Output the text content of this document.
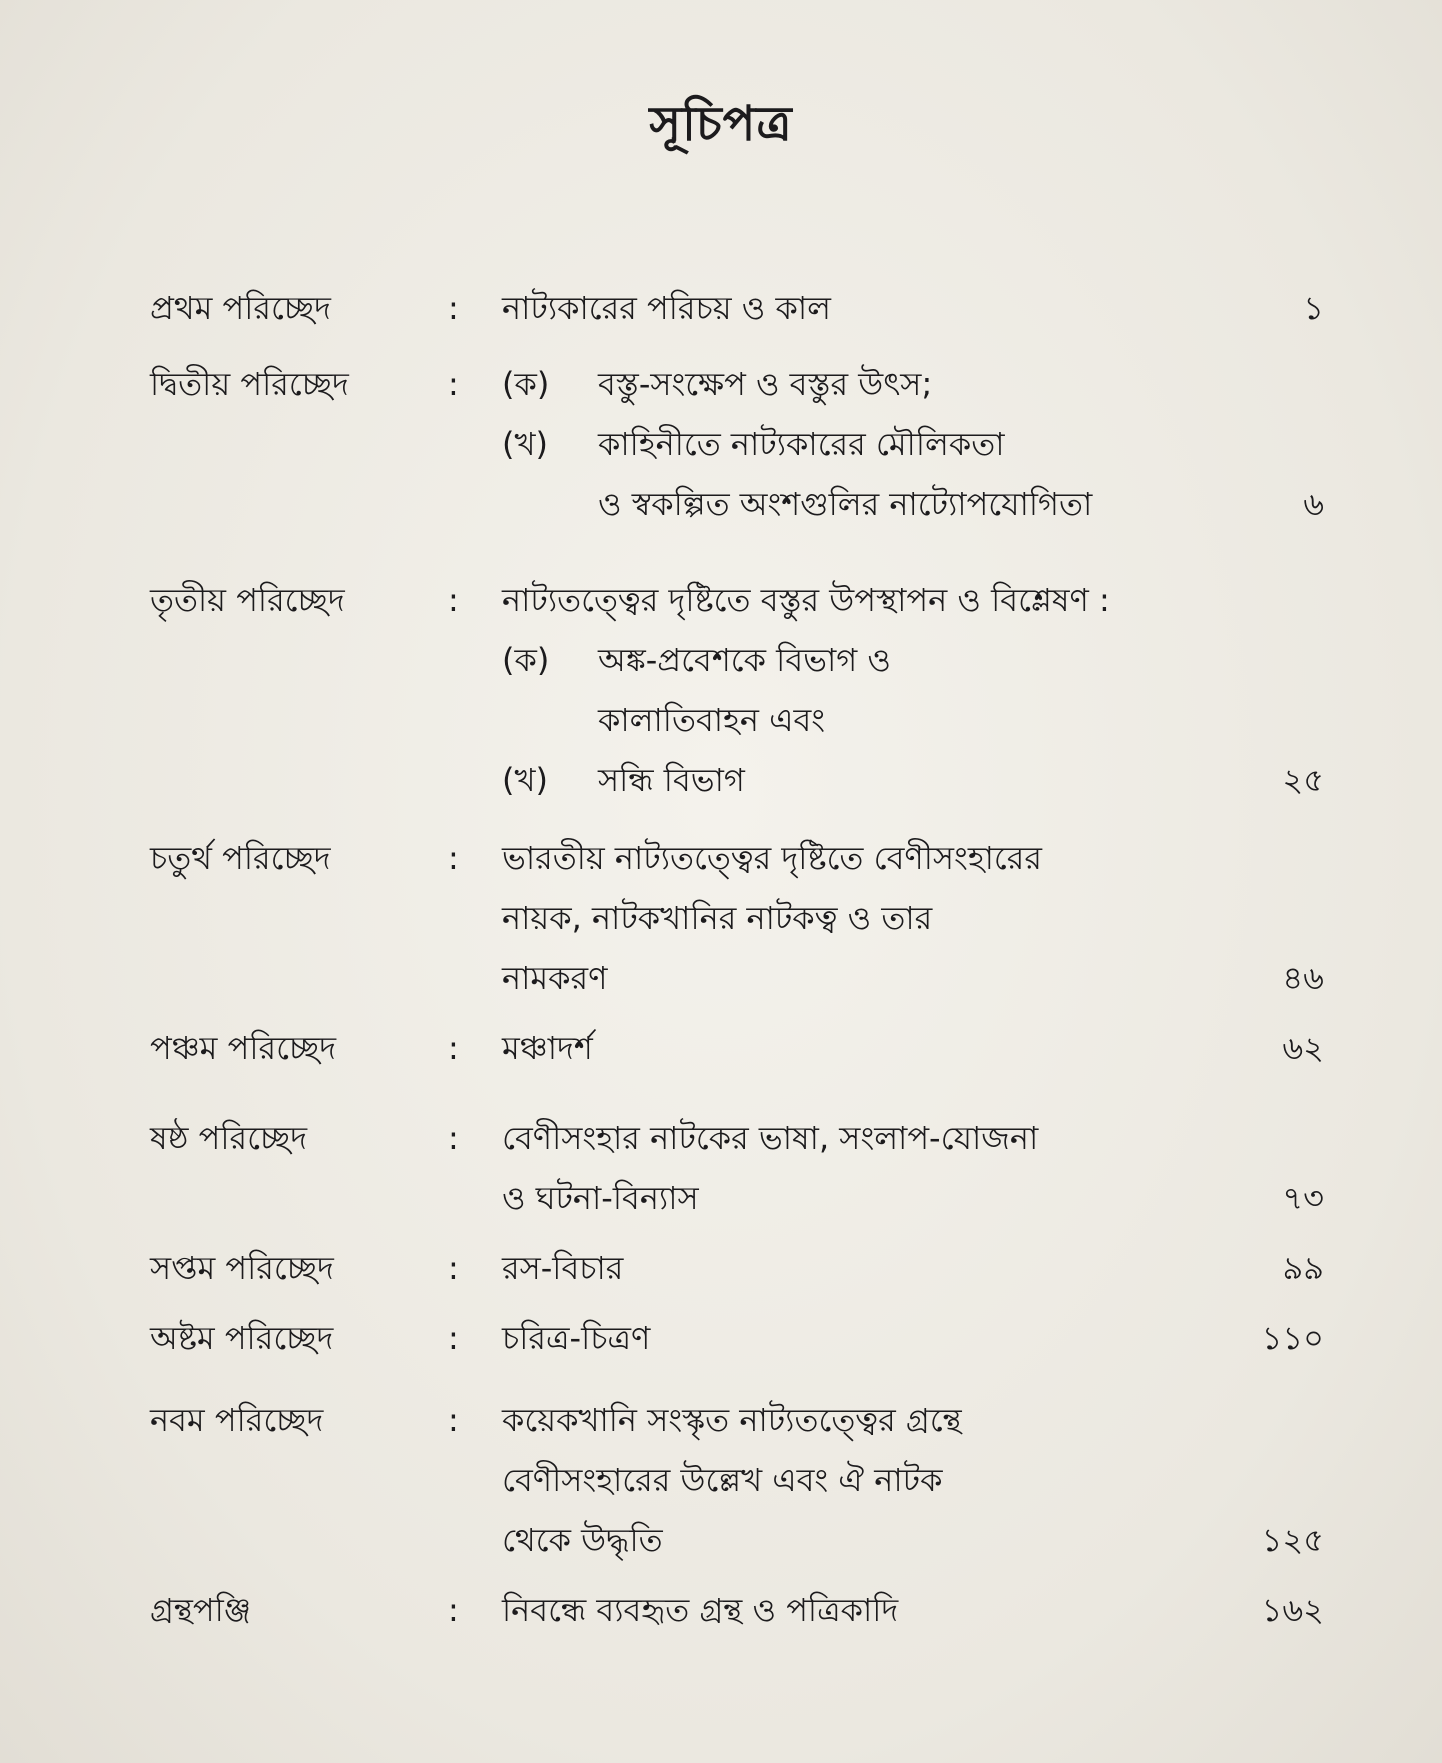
সূচিপত্র
প্রথম পরিচ্ছেদ	: নাট্যকারের পরিচয় ও কাল	১
দ্বিতীয় পরিচ্ছেদ	: (ক)	বস্তু-সংক্ষেপ ও বস্তুর উৎস;
(খ)	কাহিনীতে নাট্যকারের মৌলিকতা
ও স্বকল্পিত অংশগুলির নাট্যোপযোগিতা	৬
তৃতীয় পরিচ্ছেদ	: নাট্যতত্ত্বের দৃষ্টিতে বস্তুর উপস্থাপন ও বিশ্লেষণ :
(ক)	অঙ্ক-প্রবেশকে বিভাগ ও
কালাতিবাহন এবং
(খ)	সন্ধি বিভাগ	২৫
চতুর্থ পরিচ্ছেদ	: ভারতীয় নাট্যতত্ত্বের দৃষ্টিতে বেণীসংহারের
নায়ক, নাটকখানির নাটকত্ব ও তার
নামকরণ	৪৬
পঞ্চম পরিচ্ছেদ	: মঞ্চাদর্শ	৬২
ষষ্ঠ পরিচ্ছেদ	: বেণীসংহার নাটকের ভাষা, সংলাপ-যোজনা
ও ঘটনা-বিন্যাস	৭৩
সপ্তম পরিচ্ছেদ	: রস-বিচার	৯৯
অষ্টম পরিচ্ছেদ	: চরিত্র-চিত্রণ	১১০
নবম পরিচ্ছেদ	: কয়েকখানি সংস্কৃত নাট্যতত্ত্বের গ্রন্থে
বেণীসংহারের উল্লেখ এবং ঐ নাটক
থেকে উদ্ধৃতি	১২৫
গ্রন্থপঞ্জি	: নিবন্ধে ব্যবহৃত গ্রন্থ ও পত্রিকাদি	১৬২
